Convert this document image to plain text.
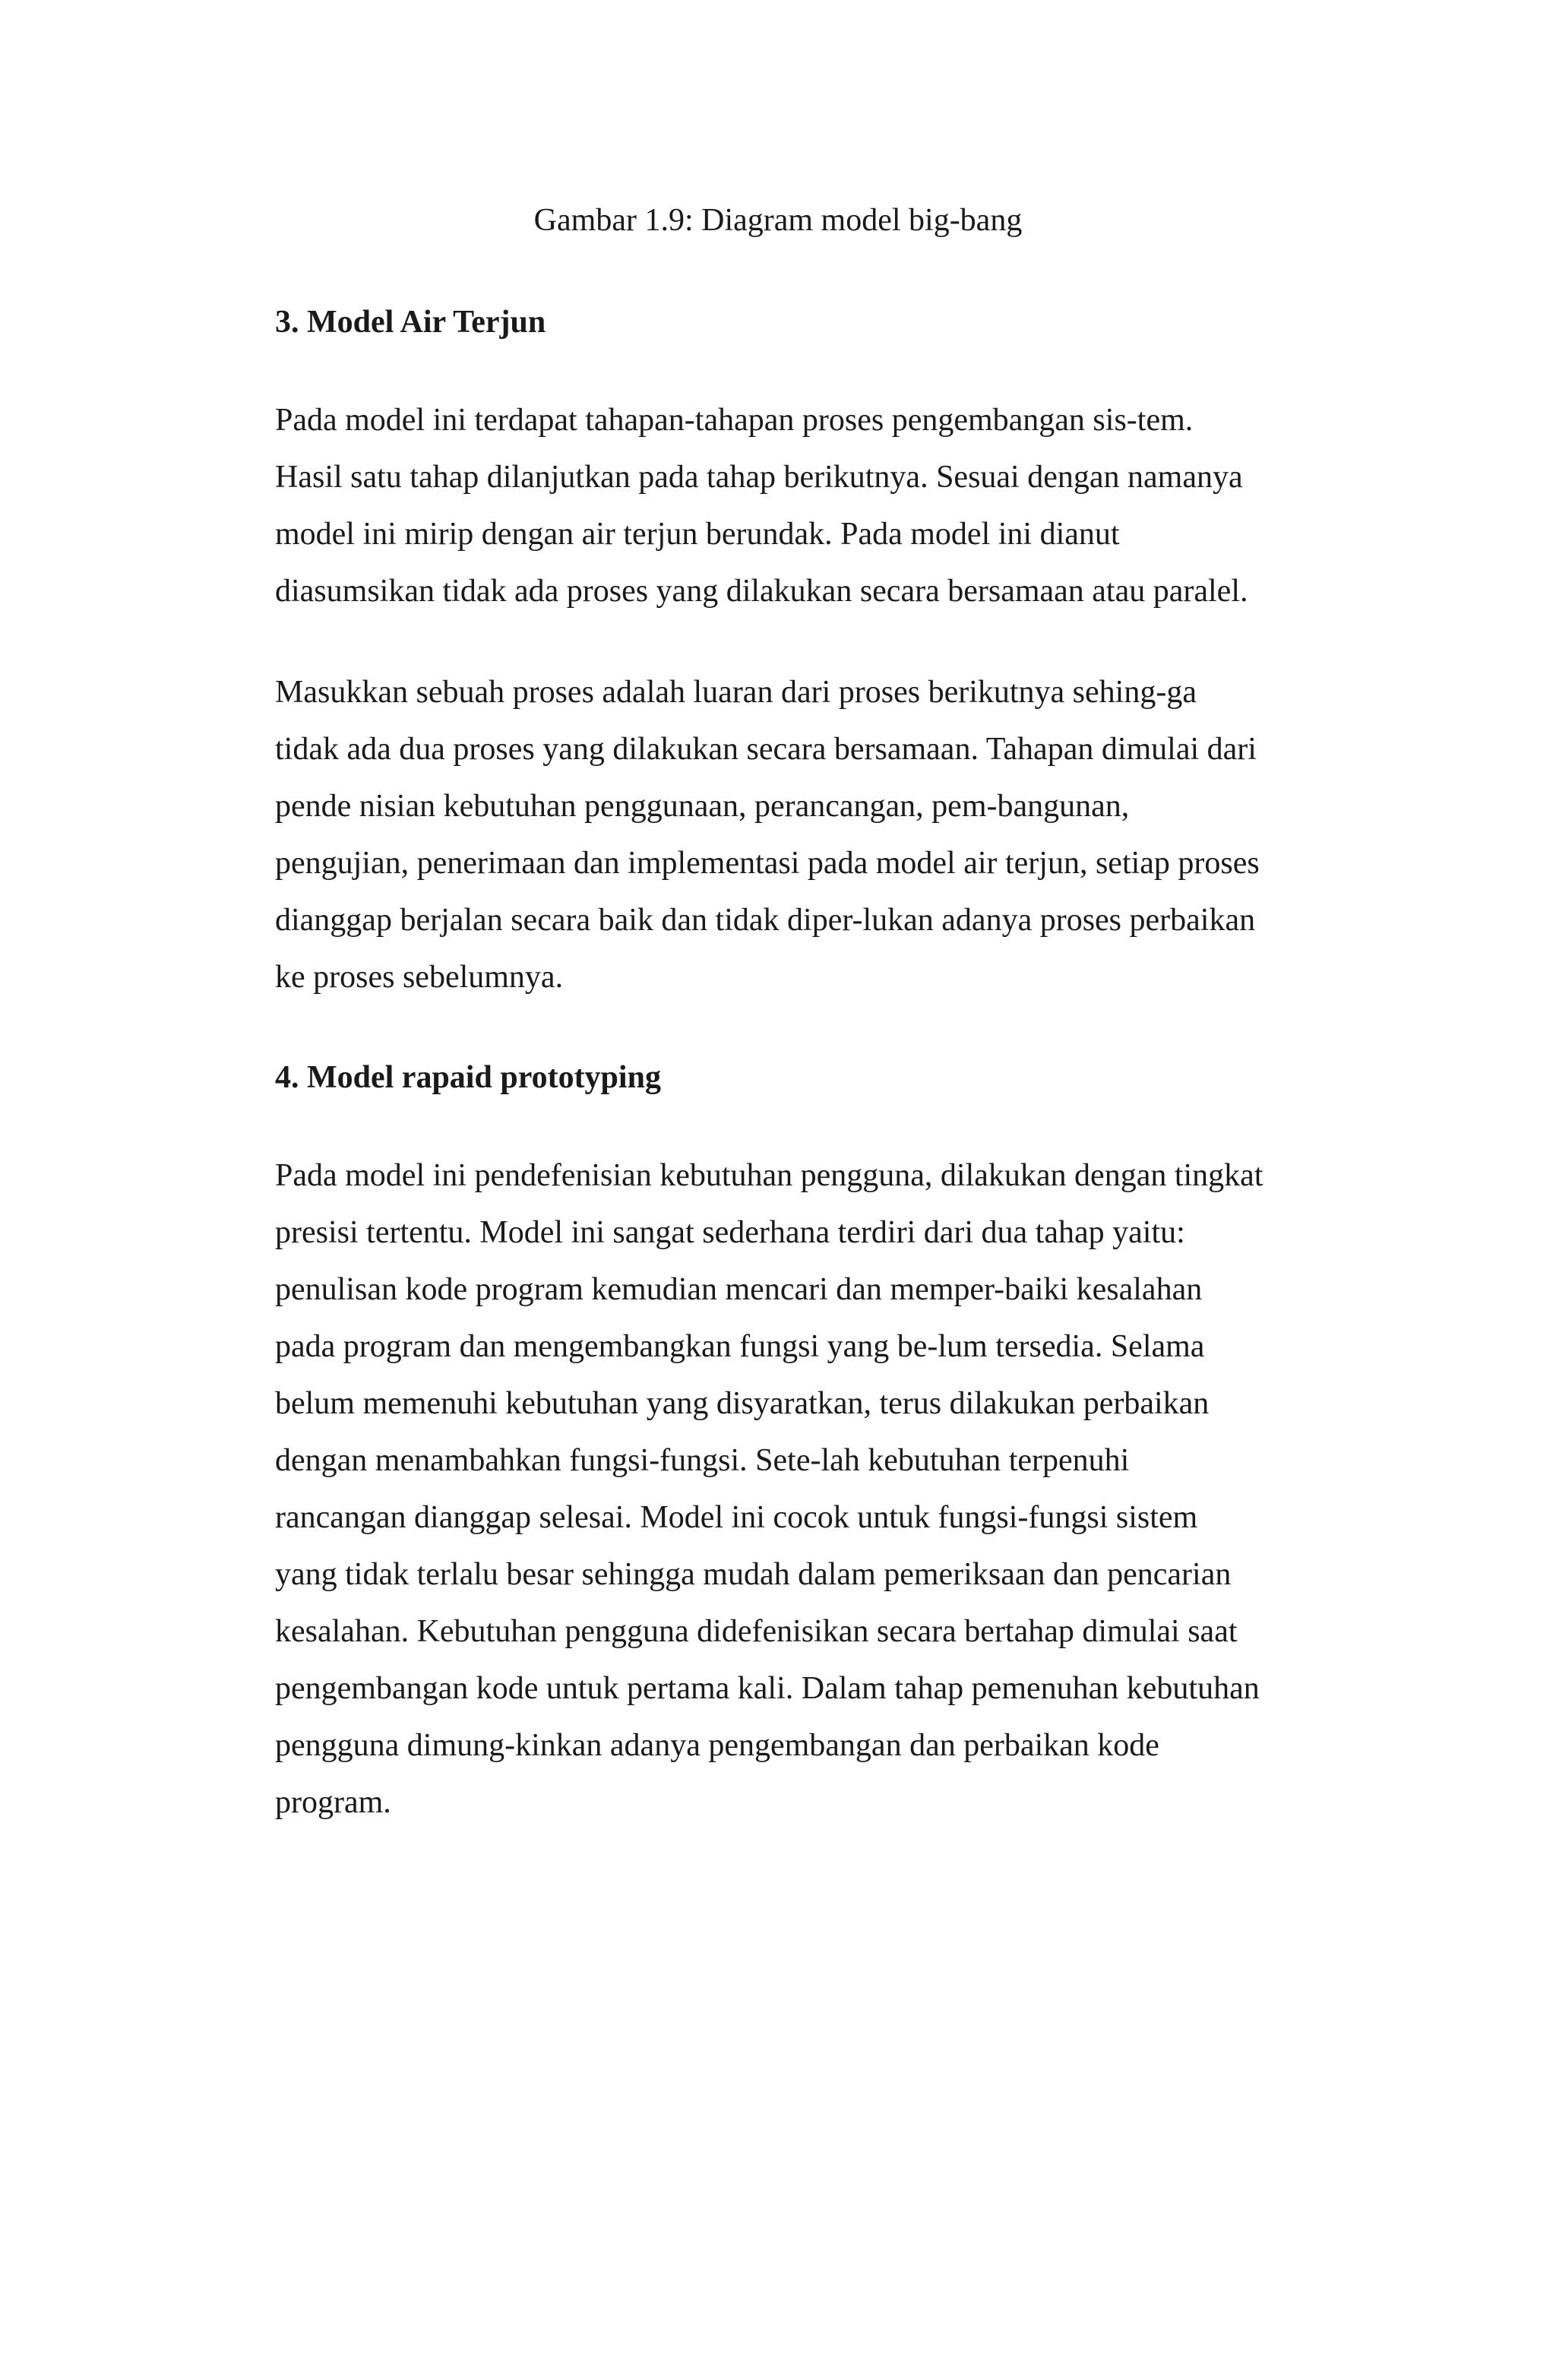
Gambar 1.9: Diagram model big-bang

3. Model Air Terjun

Pada model ini terdapat tahapan-tahapan proses pengembangan sis-tem.
Hasil satu tahap dilanjutkan pada tahap berikutnya. Sesuai dengan namanya
model ini mirip dengan air terjun berundak. Pada model ini dianut
diasumsikan tidak ada proses yang dilakukan secara bersamaan atau paralel.

Masukkan sebuah proses adalah luaran dari proses berikutnya sehing-ga
tidak ada dua proses yang dilakukan secara bersamaan. Tahapan dimulai dari
pende nisian kebutuhan penggunaan, perancangan, pem-bangunan,
pengujian, penerimaan dan implementasi pada model air terjun, setiap proses
dianggap berjalan secara baik dan tidak diper-lukan adanya proses perbaikan
ke proses sebelumnya.

4. Model rapaid prototyping

Pada model ini pendefenisian kebutuhan pengguna, dilakukan dengan tingkat
presisi tertentu. Model ini sangat sederhana terdiri dari dua tahap yaitu:
penulisan kode program kemudian mencari dan memper-baiki kesalahan
pada program dan mengembangkan fungsi yang be-lum tersedia. Selama
belum memenuhi kebutuhan yang disyaratkan, terus dilakukan perbaikan
dengan menambahkan fungsi-fungsi. Sete-lah kebutuhan terpenuhi
rancangan dianggap selesai. Model ini cocok untuk fungsi-fungsi sistem
yang tidak terlalu besar sehingga mudah dalam pemeriksaan dan pencarian
kesalahan. Kebutuhan pengguna didefenisikan secara bertahap dimulai saat
pengembangan kode untuk pertama kali. Dalam tahap pemenuhan kebutuhan
pengguna dimung-kinkan adanya pengembangan dan perbaikan kode
program.
